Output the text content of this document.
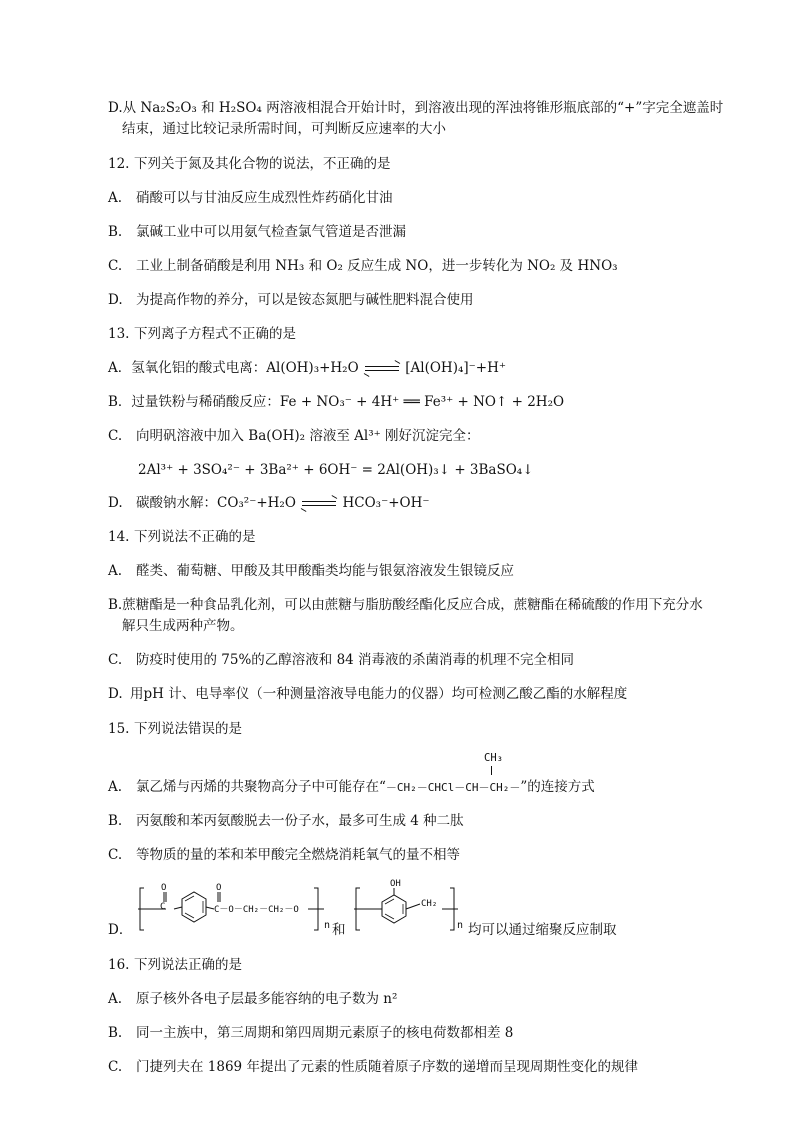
D.从 Na₂S₂O₃ 和 H₂SO₄ 两溶液相混合开始计时，到溶液出现的浑浊将锥形瓶底部的“+”字完全遮盖时
结束，通过比较记录所需时间，可判断反应速率的大小
12. 下列关于氮及其化合物的说法，不正确的是
A. 硝酸可以与甘油反应生成烈性炸药硝化甘油
B. 氯碱工业中可以用氨气检查氯气管道是否泄漏
C. 工业上制备硝酸是利用 NH₃ 和 O₂ 反应生成 NO，进一步转化为 NO₂ 及 HNO₃
D. 为提高作物的养分，可以是铵态氮肥与碱性肥料混合使用
13. 下列离子方程式不正确的是
A．氢氧化铝的酸式电离：Al(OH)₃+H₂O	[Al(OH)₄]⁻+H⁺
B．过量铁粉与稀硝酸反应：Fe + NO₃⁻ + 4H⁺ ══ Fe³⁺ + NO↑ + 2H₂O
C. 向明矾溶液中加入 Ba(OH)₂ 溶液至 Al³⁺ 刚好沉淀完全：
2Al³⁺ + 3SO₄²⁻ + 3Ba²⁺ + 6OH⁻ = 2Al(OH)₃↓ + 3BaSO₄↓
D. 碳酸钠水解：CO₃²⁻+H₂O	HCO₃⁻+OH⁻
14. 下列说法不正确的是
A. 醛类、葡萄糖、甲酸及其甲酸酯类均能与银氨溶液发生银镜反应
B.蔗糖酯是一种食品乳化剂，可以由蔗糖与脂肪酸经酯化反应合成，蔗糖酯在稀硫酸的作用下充分水
解只生成两种产物。
C. 防疫时使用的 75%的乙醇溶液和 84 消毒液的杀菌消毒的机理不完全相同
D. 用pH 计、电导率仪（一种测量溶液导电能力的仪器）均可检测乙酸乙酯的水解程度
15. 下列说法错误的是
CH₃
A. 氯乙烯与丙烯的共聚物高分子中可能存在“－CH₂－CHCl－CH－CH₂－”的连接方式
B. 丙氨酸和苯丙氨酸脱去一份子水，最多可生成 4 种二肽
C. 等物质的量的苯和苯甲酸完全燃烧消耗氧气的量不相等
D．
O	O
C	C－O－CH₂－CH₂－O
n 和
OH
CH₂
n 均可以通过缩聚反应制取
16. 下列说法正确的是
A. 原子核外各电子层最多能容纳的电子数为 n²
B. 同一主族中，第三周期和第四周期元素原子的核电荷数都相差 8
C. 门捷列夫在 1869 年提出了元素的性质随着原子序数的递增而呈现周期性变化的规律
